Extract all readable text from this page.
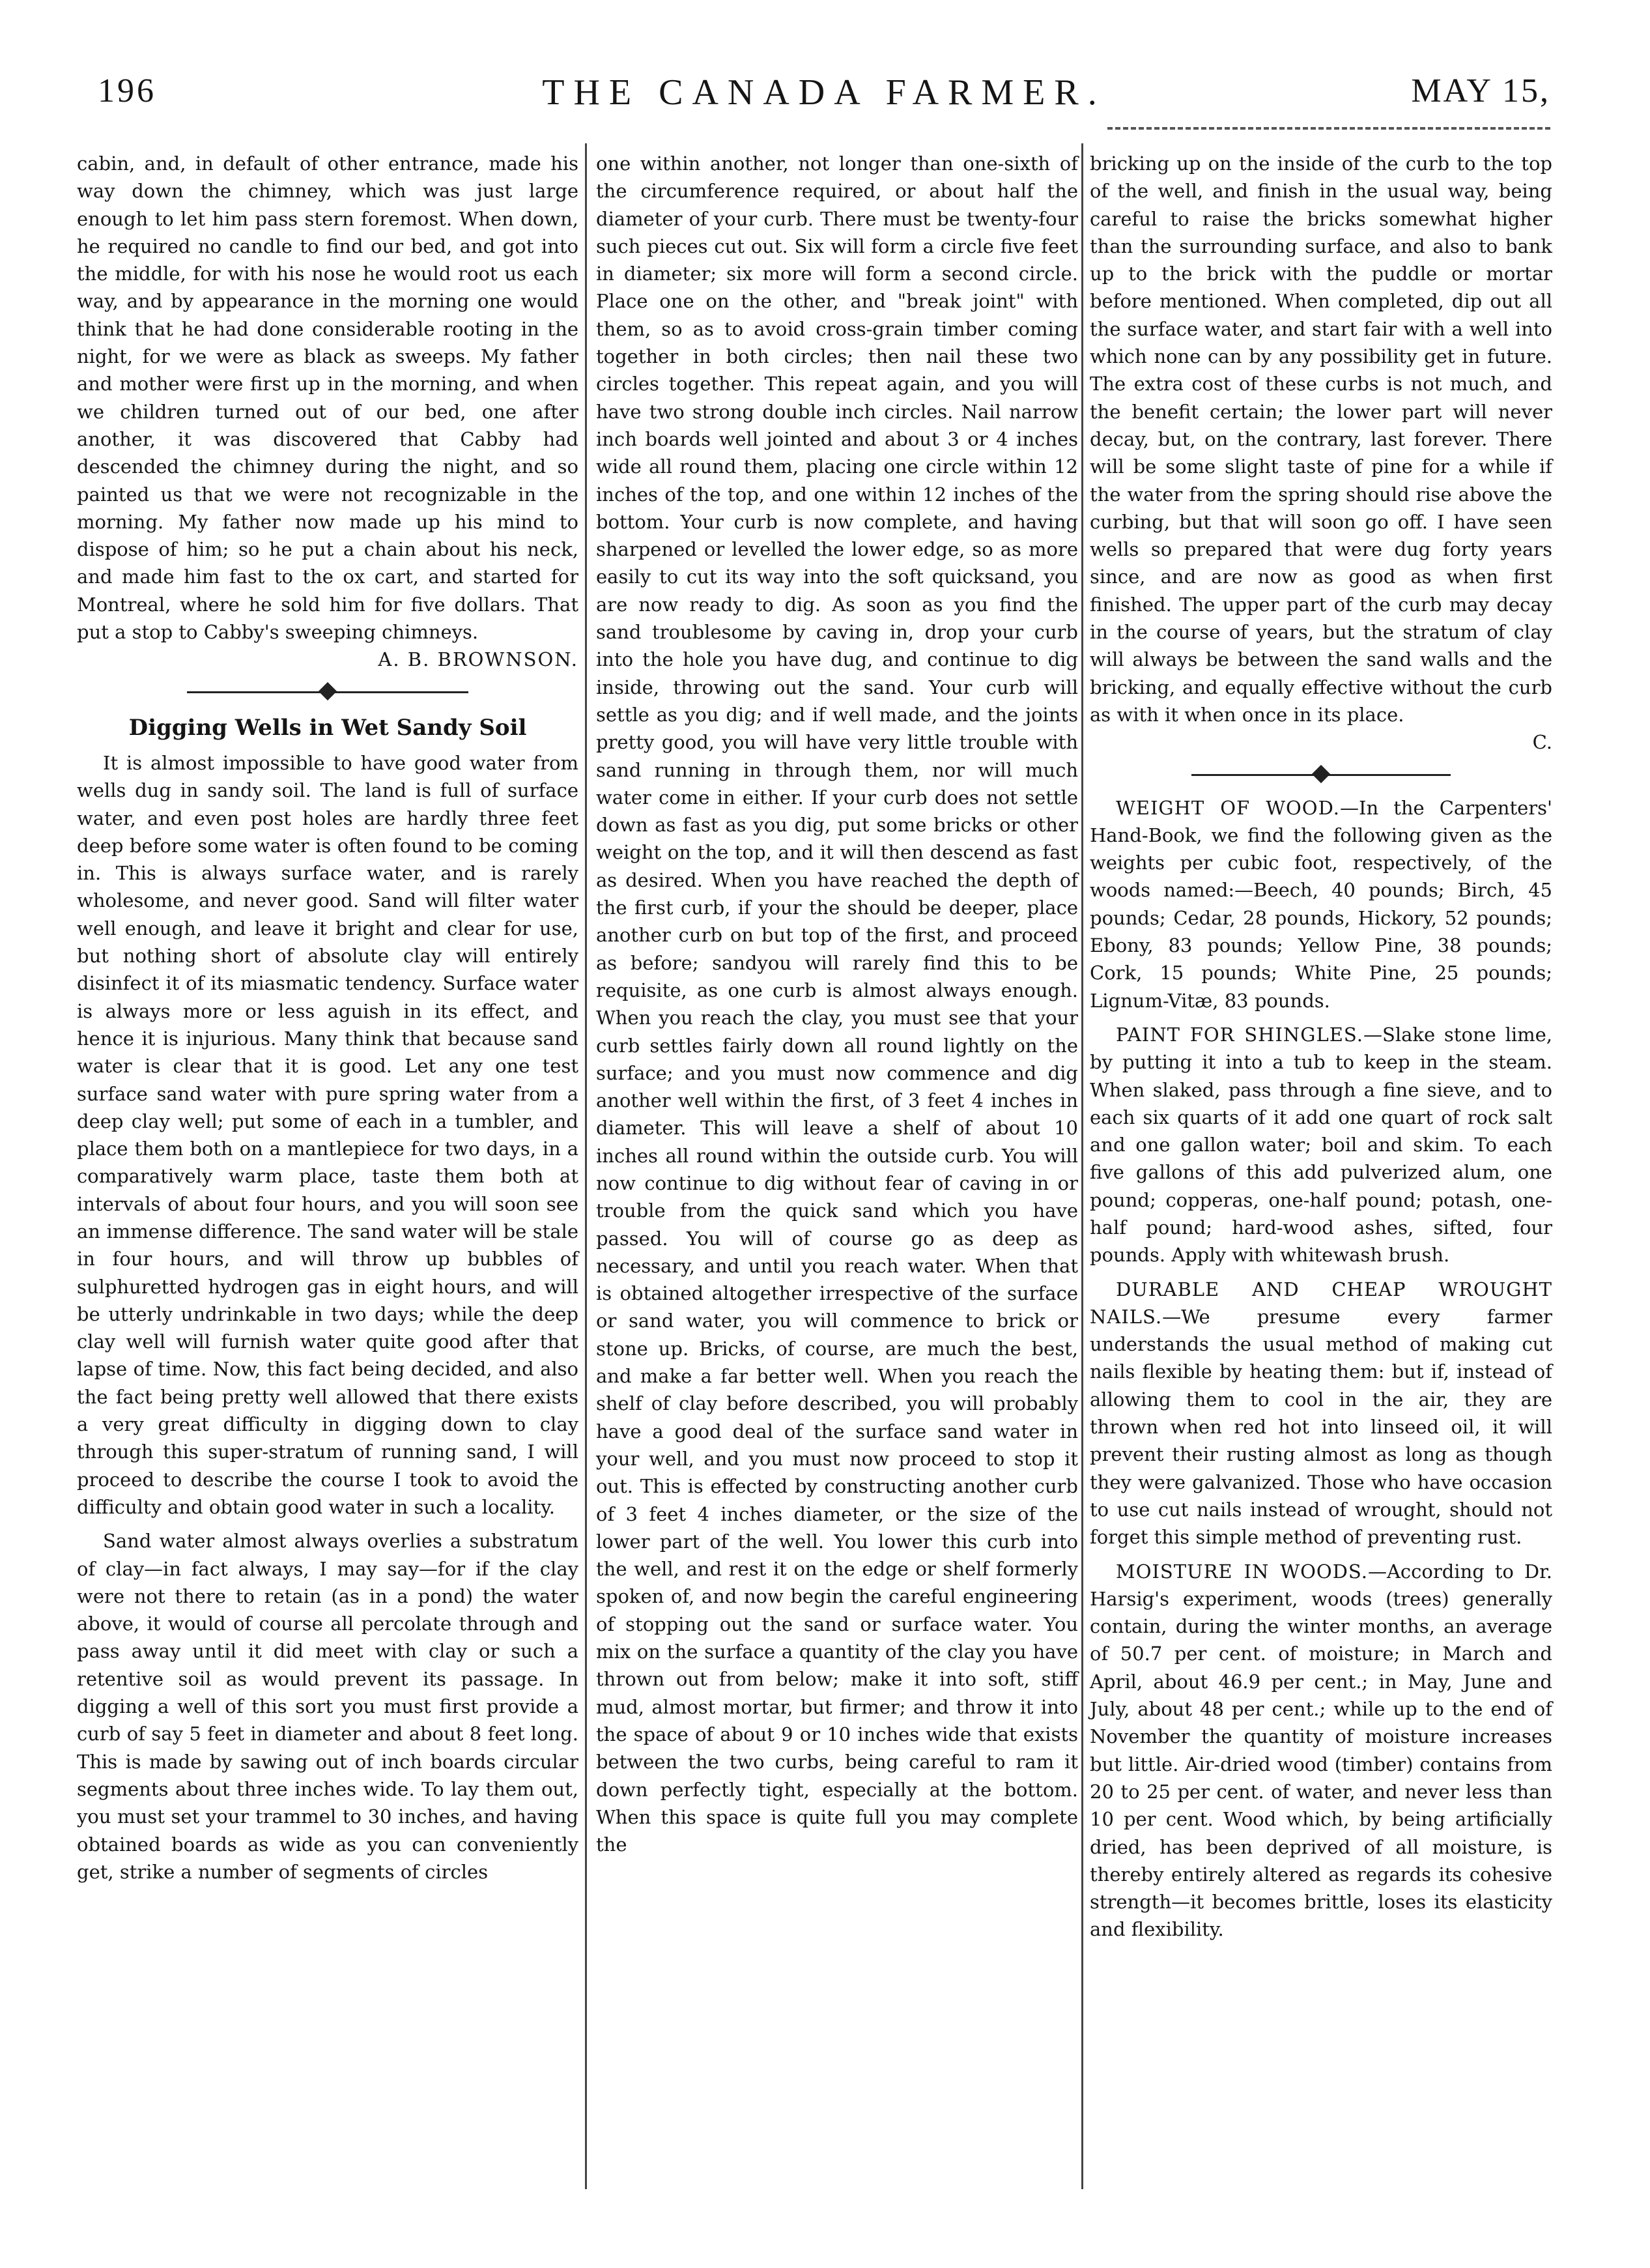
196	THE CANADA FARMER.	MAY 15,

cabin, and, in default of other entrance, made his way down the chimney, which was just large enough to let him pass stern foremost. When down, he required no candle to find our bed, and got into the middle, for with his nose he would root us each way, and by appearance in the morning one would think that he had done considerable rooting in the night, for we were as black as sweeps. My father and mother were first up in the morning, and when we children turned out of our bed, one after another, it was discovered that Cabby had descended the chimney during the night, and so painted us that we were not recognizable in the morning. My father now made up his mind to dispose of him; so he put a chain about his neck, and made him fast to the ox cart, and started for Montreal, where he sold him for five dollars. That put a stop to Cabby's sweeping chimneys.

A. B. BROWNSON.

Digging Wells in Wet Sandy Soil

It is almost impossible to have good water from wells dug in sandy soil. The land is full of surface water, and even post holes are hardly three feet deep before some water is often found to be coming in. This is always surface water, and is rarely wholesome, and never good. Sand will filter water well enough, and leave it bright and clear for use, but nothing short of absolute clay will entirely disinfect it of its miasmatic tendency. Surface water is always more or less aguish in its effect, and hence it is injurious. Many think that because sand water is clear that it is good. Let any one test surface sand water with pure spring water from a deep clay well; put some of each in a tumbler, and place them both on a mantlepiece for two days, in a comparatively warm place, taste them both at intervals of about four hours, and you will soon see an immense difference. The sand water will be stale in four hours, and will throw up bubbles of sulphuretted hydrogen gas in eight hours, and will be utterly undrinkable in two days; while the deep clay well will furnish water quite good after that lapse of time. Now, this fact being decided, and also the fact being pretty well allowed that there exists a very great difficulty in digging down to clay through this super-stratum of running sand, I will proceed to describe the course I took to avoid the difficulty and obtain good water in such a locality.

Sand water almost always overlies a substratum of clay—in fact always, I may say—for if the clay were not there to retain (as in a pond) the water above, it would of course all percolate through and pass away until it did meet with clay or such a retentive soil as would prevent its passage. In digging a well of this sort you must first provide a curb of say 5 feet in diameter and about 8 feet long. This is made by sawing out of inch boards circular segments about three inches wide. To lay them out, you must set your trammel to 30 inches, and having obtained boards as wide as you can conveniently get, strike a number of segments of circles

one within another, not longer than one-sixth of the circumference required, or about half the diameter of your curb. There must be twenty-four such pieces cut out. Six will form a circle five feet in diameter; six more will form a second circle. Place one on the other, and "break joint" with them, so as to avoid cross-grain timber coming together in both circles; then nail these two circles together. This repeat again, and you will have two strong double inch circles. Nail narrow inch boards well jointed and about 3 or 4 inches wide all round them, placing one circle within 12 inches of the top, and one within 12 inches of the bottom. Your curb is now complete, and having sharpened or levelled the lower edge, so as more easily to cut its way into the soft quicksand, you are now ready to dig. As soon as you find the sand troublesome by caving in, drop your curb into the hole you have dug, and continue to dig inside, throwing out the sand. Your curb will settle as you dig; and if well made, and the joints pretty good, you will have very little trouble with sand running in through them, nor will much water come in either. If your curb does not settle down as fast as you dig, put some bricks or other weight on the top, and it will then descend as fast as desired. When you have reached the depth of the first curb, if your the should be deeper, place another curb on but top of the first, and proceed as before; sandyou will rarely find this to be requisite, as one curb is almost always enough. When you reach the clay, you must see that your curb settles fairly down all round lightly on the surface; and you must now commence and dig another well within the first, of 3 feet 4 inches in diameter. This will leave a shelf of about 10 inches all round within the outside curb. You will now continue to dig without fear of caving in or trouble from the quick sand which you have passed. You will of course go as deep as necessary, and until you reach water. When that is obtained altogether irrespective of the surface or sand water, you will commence to brick or stone up. Bricks, of course, are much the best, and make a far better well. When you reach the shelf of clay before described, you will probably have a good deal of the surface sand water in your well, and you must now proceed to stop it out. This is effected by constructing another curb of 3 feet 4 inches diameter, or the size of the lower part of the well. You lower this curb into the well, and rest it on the edge or shelf formerly spoken of, and now begin the careful engineering of stopping out the sand or surface water. You mix on the surface a quantity of the clay you have thrown out from below; make it into soft, stiff mud, almost mortar, but firmer; and throw it into the space of about 9 or 10 inches wide that exists between the two curbs, being careful to ram it down perfectly tight, especially at the bottom. When this space is quite full you may complete the

bricking up on the inside of the curb to the top of the well, and finish in the usual way, being careful to raise the bricks somewhat higher than the surrounding surface, and also to bank up to the brick with the puddle or mortar before mentioned. When completed, dip out all the surface water, and start fair with a well into which none can by any possibility get in future. The extra cost of these curbs is not much, and the benefit certain; the lower part will never decay, but, on the contrary, last forever. There will be some slight taste of pine for a while if the water from the spring should rise above the curbing, but that will soon go off. I have seen wells so prepared that were dug forty years since, and are now as good as when first finished. The upper part of the curb may decay in the course of years, but the stratum of clay will always be between the sand walls and the bricking, and equally effective without the curb as with it when once in its place.

C.

WEIGHT OF WOOD.—In the Carpenters' Hand-Book, we find the following given as the weights per cubic foot, respectively, of the woods named:—Beech, 40 pounds; Birch, 45 pounds; Cedar, 28 pounds, Hickory, 52 pounds; Ebony, 83 pounds; Yellow Pine, 38 pounds; Cork, 15 pounds; White Pine, 25 pounds; Lignum-Vitæ, 83 pounds.

PAINT FOR SHINGLES.—Slake stone lime, by putting it into a tub to keep in the steam. When slaked, pass through a fine sieve, and to each six quarts of it add one quart of rock salt and one gallon water; boil and skim. To each five gallons of this add pulverized alum, one pound; copperas, one-half pound; potash, one-half pound; hard-wood ashes, sifted, four pounds. Apply with whitewash brush.

DURABLE AND CHEAP WROUGHT NAILS.—We presume every farmer understands the usual method of making cut nails flexible by heating them: but if, instead of allowing them to cool in the air, they are thrown when red hot into linseed oil, it will prevent their rusting almost as long as though they were galvanized. Those who have occasion to use cut nails instead of wrought, should not forget this simple method of preventing rust.

MOISTURE IN WOODS.—According to Dr. Harsig's experiment, woods (trees) generally contain, during the winter months, an average of 50.7 per cent. of moisture; in March and April, about 46.9 per cent.; in May, June and July, about 48 per cent.; while up to the end of November the quantity of moisture increases but little. Air-dried wood (timber) contains from 20 to 25 per cent. of water, and never less than 10 per cent. Wood which, by being artificially dried, has been deprived of all moisture, is thereby entirely altered as regards its cohesive strength—it becomes brittle, loses its elasticity and flexibility.
